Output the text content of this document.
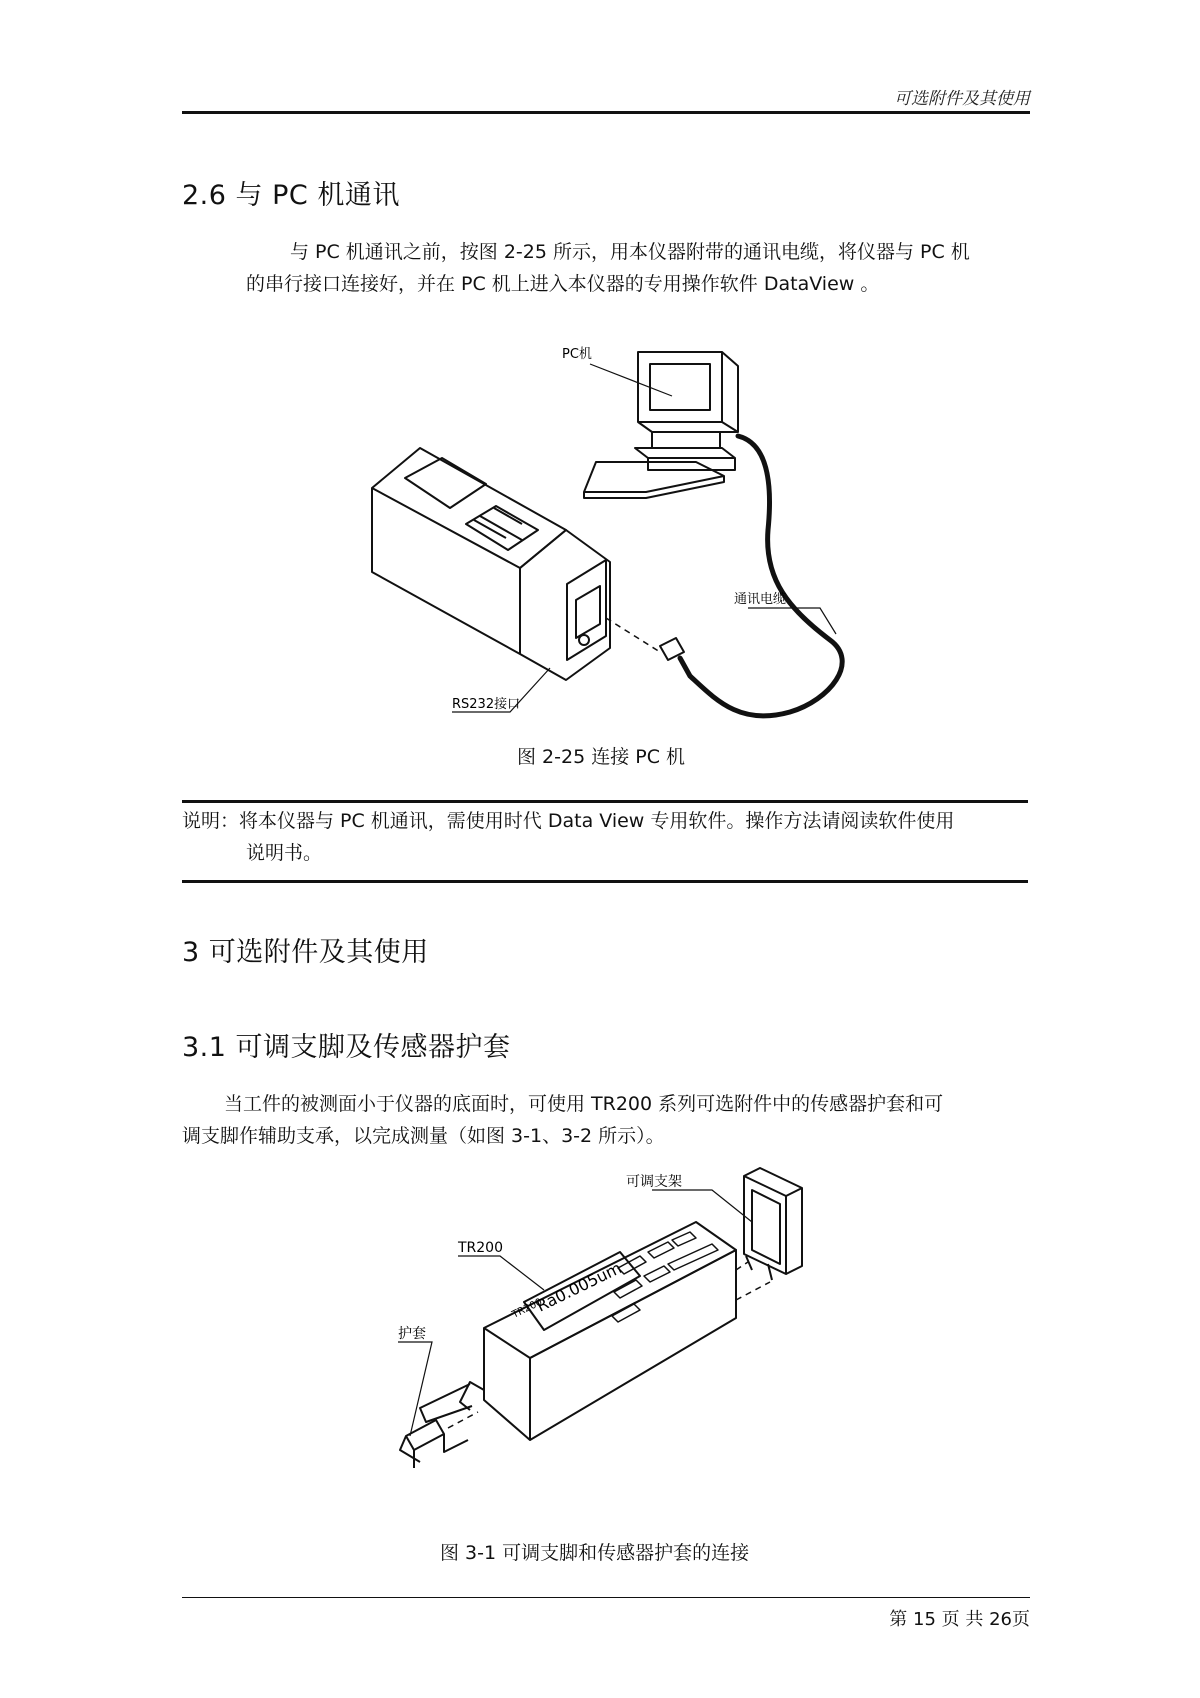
可选附件及其使用
2.6 与 PC 机通讯
与 PC 机通讯之前，按图 2-25 所示，用本仪器附带的通讯电缆，将仪器与 PC 机
的串行接口连接好，并在 PC 机上进入本仪器的专用操作软件 DataView 。
PC机
通讯电缆
RS232接口
图 2-25 连接 PC 机
说明：将本仪器与 PC 机通讯，需使用时代 Data View 专用软件。操作方法请阅读软件使用
说明书。
3 可选附件及其使用
3.1 可调支脚及传感器护套
当工件的被测面小于仪器的底面时，可使用 TR200 系列可选附件中的传感器护套和可
调支脚作辅助支承，以完成测量（如图 3-1、3-2 所示）。
可调支架
TR200
护套
TR200
Ra0.005um
图 3-1 可调支脚和传感器护套的连接
第 15 页 共 26页
